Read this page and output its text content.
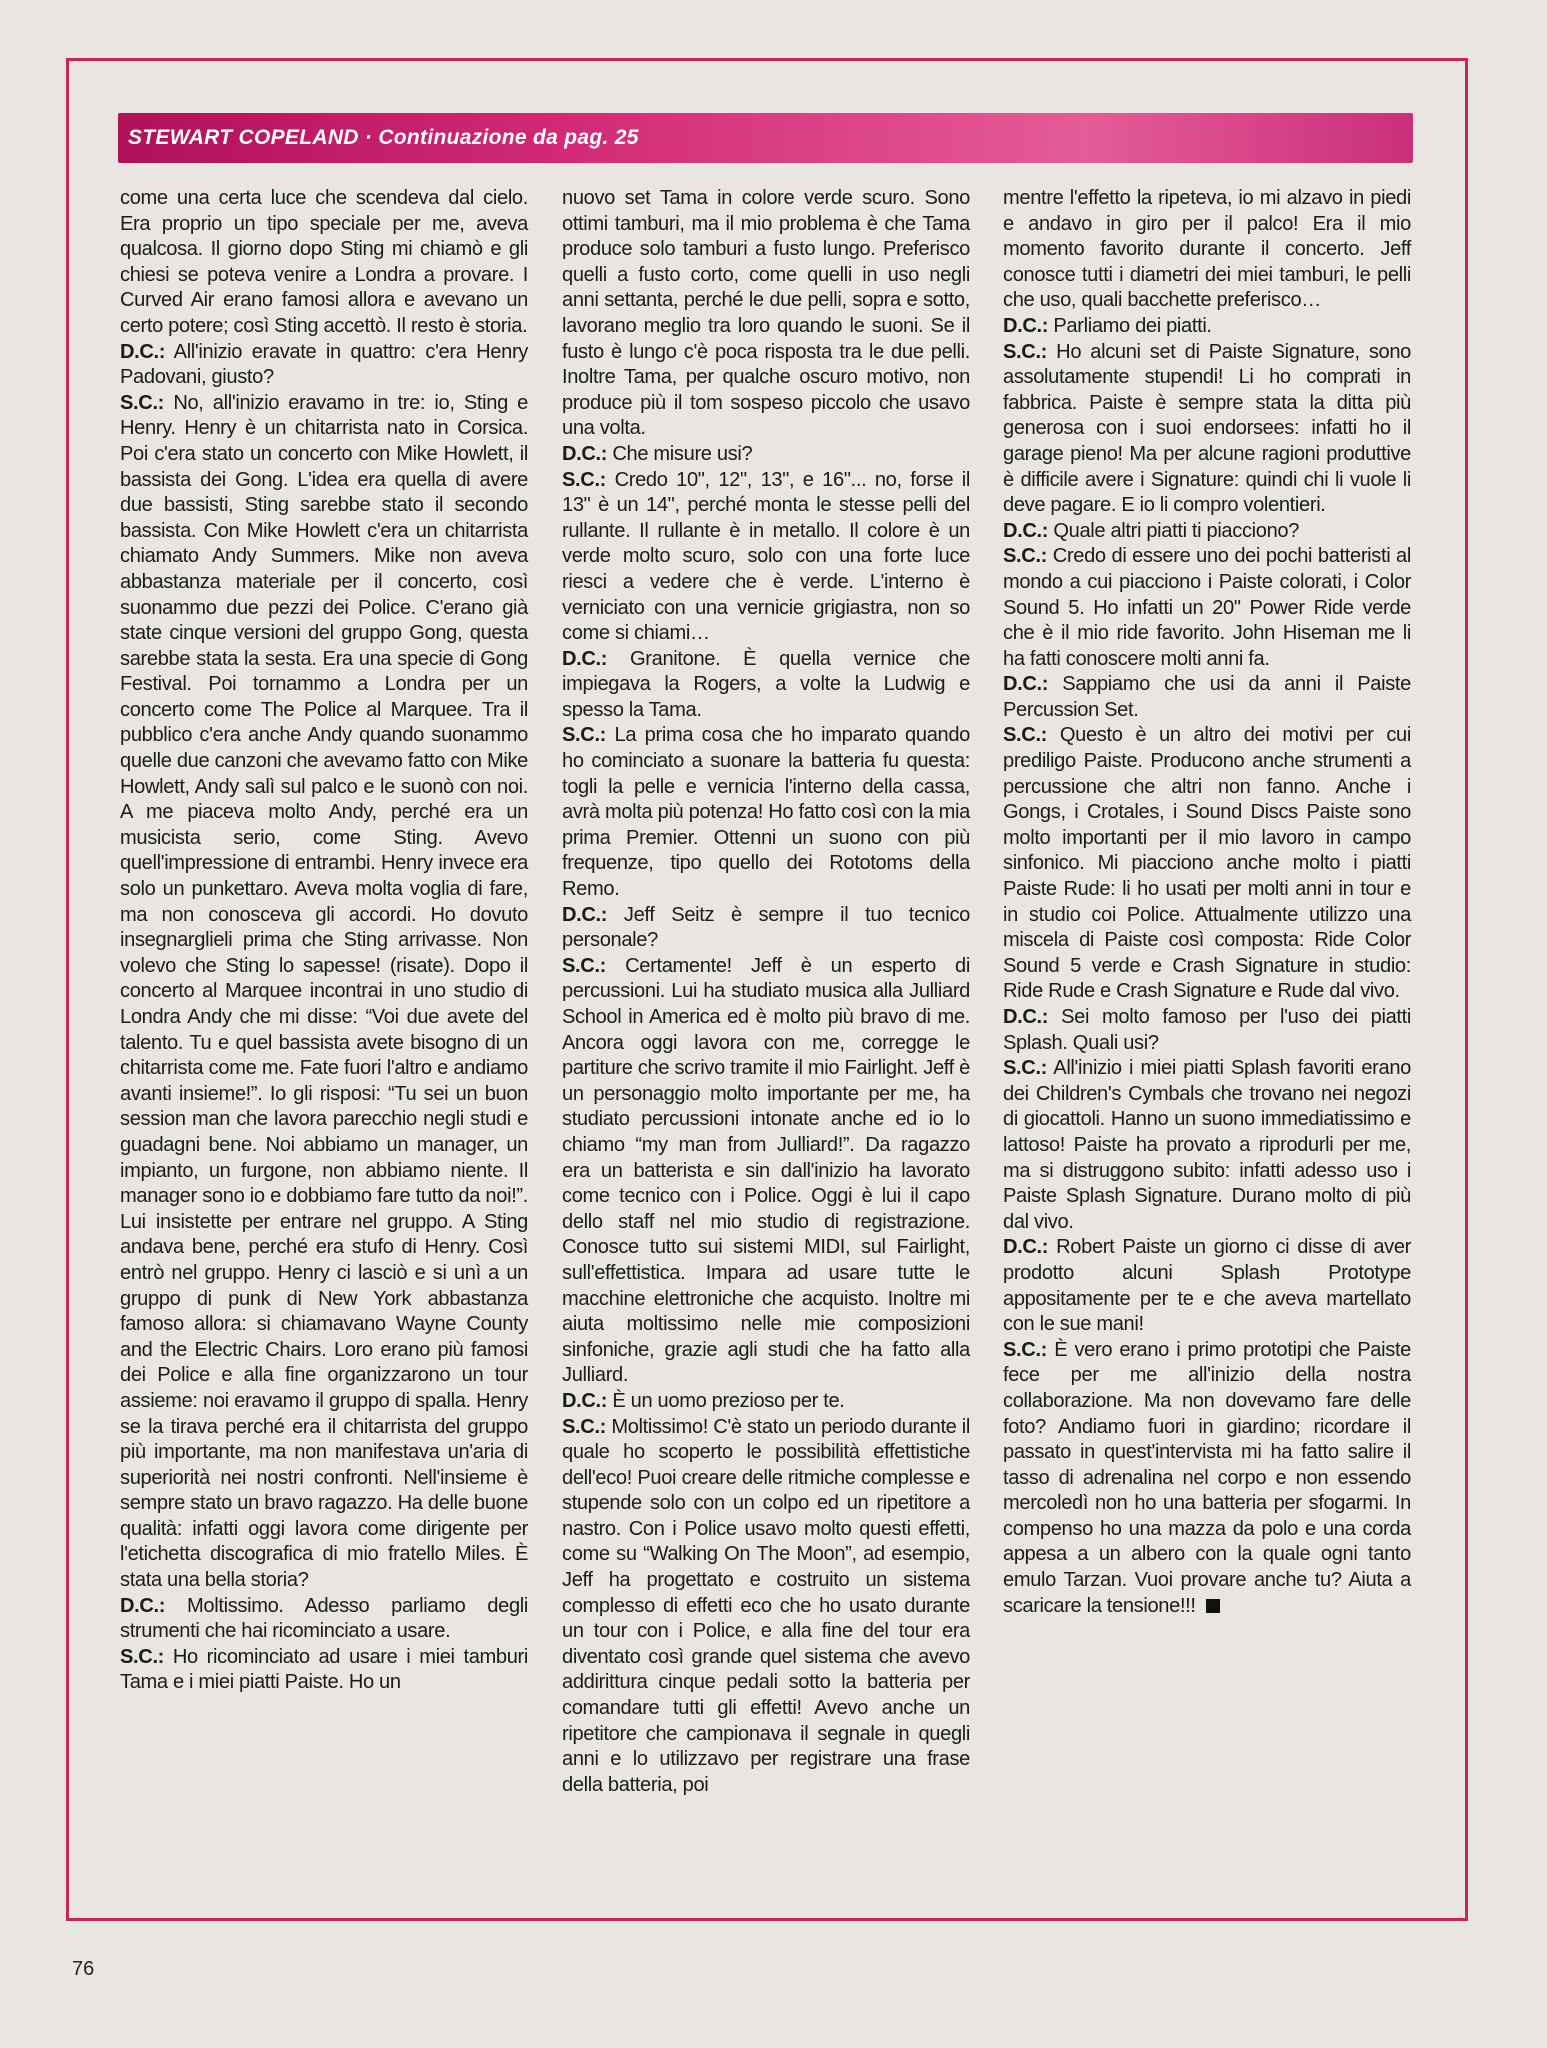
STEWART COPELAND · Continuazione da pag. 25

come una certa luce che scendeva dal cielo. Era proprio un tipo speciale per me, aveva qualcosa. Il giorno dopo Sting mi chiamò e gli chiesi se poteva venire a Londra a provare. I Curved Air erano famosi allora e avevano un certo potere; così Sting accettò. Il resto è storia.

D.C.: All'inizio eravate in quattro: c'era Henry Padovani, giusto?

S.C.: No, all'inizio eravamo in tre: io, Sting e Henry. Henry è un chitarrista nato in Corsica. Poi c'era stato un concerto con Mike Howlett, il bassista dei Gong. L'idea era quella di avere due bassisti, Sting sarebbe stato il secondo bassista. Con Mike Howlett c'era un chitarrista chiamato Andy Summers. Mike non aveva abbastanza materiale per il concerto, così suonammo due pezzi dei Police. C'erano già state cinque versioni del gruppo Gong, questa sarebbe stata la sesta. Era una specie di Gong Festival. Poi tornammo a Londra per un concerto come The Police al Marquee. Tra il pubblico c'era anche Andy quando suonammo quelle due canzoni che avevamo fatto con Mike Howlett, Andy salì sul palco e le suonò con noi. A me piaceva molto Andy, perché era un musicista serio, come Sting. Avevo quell'impressione di entrambi. Henry invece era solo un punkettaro. Aveva molta voglia di fare, ma non conosceva gli accordi. Ho dovuto insegnarglieli prima che Sting arrivasse. Non volevo che Sting lo sapesse! (risate). Dopo il concerto al Marquee incontrai in uno studio di Londra Andy che mi disse: “Voi due avete del talento. Tu e quel bassista avete bisogno di un chitarrista come me. Fate fuori l'altro e andiamo avanti insieme!”. Io gli risposi: “Tu sei un buon session man che lavora parecchio negli studi e guadagni bene. Noi abbiamo un manager, un impianto, un furgone, non abbiamo niente. Il manager sono io e dobbiamo fare tutto da noi!”. Lui insistette per entrare nel gruppo. A Sting andava bene, perché era stufo di Henry. Così entrò nel gruppo. Henry ci lasciò e si unì a un gruppo di punk di New York abbastanza famoso allora: si chiamavano Wayne County and the Electric Chairs. Loro erano più famosi dei Police e alla fine organizzarono un tour assieme: noi eravamo il gruppo di spalla. Henry se la tirava perché era il chitarrista del gruppo più importante, ma non manifestava un'aria di superiorità nei nostri confronti. Nell'insieme è sempre stato un bravo ragazzo. Ha delle buone qualità: infatti oggi lavora come dirigente per l'etichetta discografica di mio fratello Miles. È stata una bella storia?

D.C.: Moltissimo. Adesso parliamo degli strumenti che hai ricominciato a usare.

S.C.: Ho ricominciato ad usare i miei tamburi Tama e i miei piatti Paiste. Ho un

nuovo set Tama in colore verde scuro. Sono ottimi tamburi, ma il mio problema è che Tama produce solo tamburi a fusto lungo. Preferisco quelli a fusto corto, come quelli in uso negli anni settanta, perché le due pelli, sopra e sotto, lavorano meglio tra loro quando le suoni. Se il fusto è lungo c'è poca risposta tra le due pelli. Inoltre Tama, per qualche oscuro motivo, non produce più il tom sospeso piccolo che usavo una volta.

D.C.: Che misure usi?

S.C.: Credo 10", 12", 13", e 16"... no, forse il 13" è un 14", perché monta le stesse pelli del rullante. Il rullante è in metallo. Il colore è un verde molto scuro, solo con una forte luce riesci a vedere che è verde. L'interno è verniciato con una vernicie grigiastra, non so come si chiami…

D.C.: Granitone. È quella vernice che impiegava la Rogers, a volte la Ludwig e spesso la Tama.

S.C.: La prima cosa che ho imparato quando ho cominciato a suonare la batteria fu questa: togli la pelle e vernicia l'interno della cassa, avrà molta più potenza! Ho fatto così con la mia prima Premier. Ottenni un suono con più frequenze, tipo quello dei Rototoms della Remo.

D.C.: Jeff Seitz è sempre il tuo tecnico personale?

S.C.: Certamente! Jeff è un esperto di percussioni. Lui ha studiato musica alla Julliard School in America ed è molto più bravo di me. Ancora oggi lavora con me, corregge le partiture che scrivo tramite il mio Fairlight. Jeff è un personaggio molto importante per me, ha studiato percussioni intonate anche ed io lo chiamo “my man from Julliard!”. Da ragazzo era un batterista e sin dall'inizio ha lavorato come tecnico con i Police. Oggi è lui il capo dello staff nel mio studio di registrazione. Conosce tutto sui sistemi MIDI, sul Fairlight, sull'effettistica. Impara ad usare tutte le macchine elettroniche che acquisto. Inoltre mi aiuta moltissimo nelle mie composizioni sinfoniche, grazie agli studi che ha fatto alla Julliard.

D.C.: È un uomo prezioso per te.

S.C.: Moltissimo! C'è stato un periodo durante il quale ho scoperto le possibilità effettistiche dell'eco! Puoi creare delle ritmiche complesse e stupende solo con un colpo ed un ripetitore a nastro. Con i Police usavo molto questi effetti, come su “Walking On The Moon”, ad esempio, Jeff ha progettato e costruito un sistema complesso di effetti eco che ho usato durante un tour con i Police, e alla fine del tour era diventato così grande quel sistema che avevo addirittura cinque pedali sotto la batteria per comandare tutti gli effetti! Avevo anche un ripetitore che campionava il segnale in quegli anni e lo utilizzavo per registrare una frase della batteria, poi

mentre l'effetto la ripeteva, io mi alzavo in piedi e andavo in giro per il palco! Era il mio momento favorito durante il concerto. Jeff conosce tutti i diametri dei miei tamburi, le pelli che uso, quali bacchette preferisco…

D.C.: Parliamo dei piatti.

S.C.: Ho alcuni set di Paiste Signature, sono assolutamente stupendi! Li ho comprati in fabbrica. Paiste è sempre stata la ditta più generosa con i suoi endorsees: infatti ho il garage pieno! Ma per alcune ragioni produttive è difficile avere i Signature: quindi chi li vuole li deve pagare. E io li compro volentieri.

D.C.: Quale altri piatti ti piacciono?

S.C.: Credo di essere uno dei pochi batteristi al mondo a cui piacciono i Paiste colorati, i Color Sound 5. Ho infatti un 20" Power Ride verde che è il mio ride favorito. John Hiseman me li ha fatti conoscere molti anni fa.

D.C.: Sappiamo che usi da anni il Paiste Percussion Set.

S.C.: Questo è un altro dei motivi per cui prediligo Paiste. Producono anche strumenti a percussione che altri non fanno. Anche i Gongs, i Crotales, i Sound Discs Paiste sono molto importanti per il mio lavoro in campo sinfonico. Mi piacciono anche molto i piatti Paiste Rude: li ho usati per molti anni in tour e in studio coi Police. Attualmente utilizzo una miscela di Paiste così composta: Ride Color Sound 5 verde e Crash Signature in studio: Ride Rude e Crash Signature e Rude dal vivo.

D.C.: Sei molto famoso per l'uso dei piatti Splash. Quali usi?

S.C.: All'inizio i miei piatti Splash favoriti erano dei Children's Cymbals che trovano nei negozi di giocattoli. Hanno un suono immediatissimo e lattoso! Paiste ha provato a riprodurli per me, ma si distruggono subito: infatti adesso uso i Paiste Splash Signature. Durano molto di più dal vivo.

D.C.: Robert Paiste un giorno ci disse di aver prodotto alcuni Splash Prototype appositamente per te e che aveva martellato con le sue mani!

S.C.: È vero erano i primo prototipi che Paiste fece per me all'inizio della nostra collaborazione. Ma non dovevamo fare delle foto? Andiamo fuori in giardino; ricordare il passato in quest'intervista mi ha fatto salire il tasso di adrenalina nel corpo e non essendo mercoledì non ho una batteria per sfogarmi. In compenso ho una mazza da polo e una corda appesa a un albero con la quale ogni tanto emulo Tarzan. Vuoi provare anche tu? Aiuta a scaricare la tensione!!!

76
